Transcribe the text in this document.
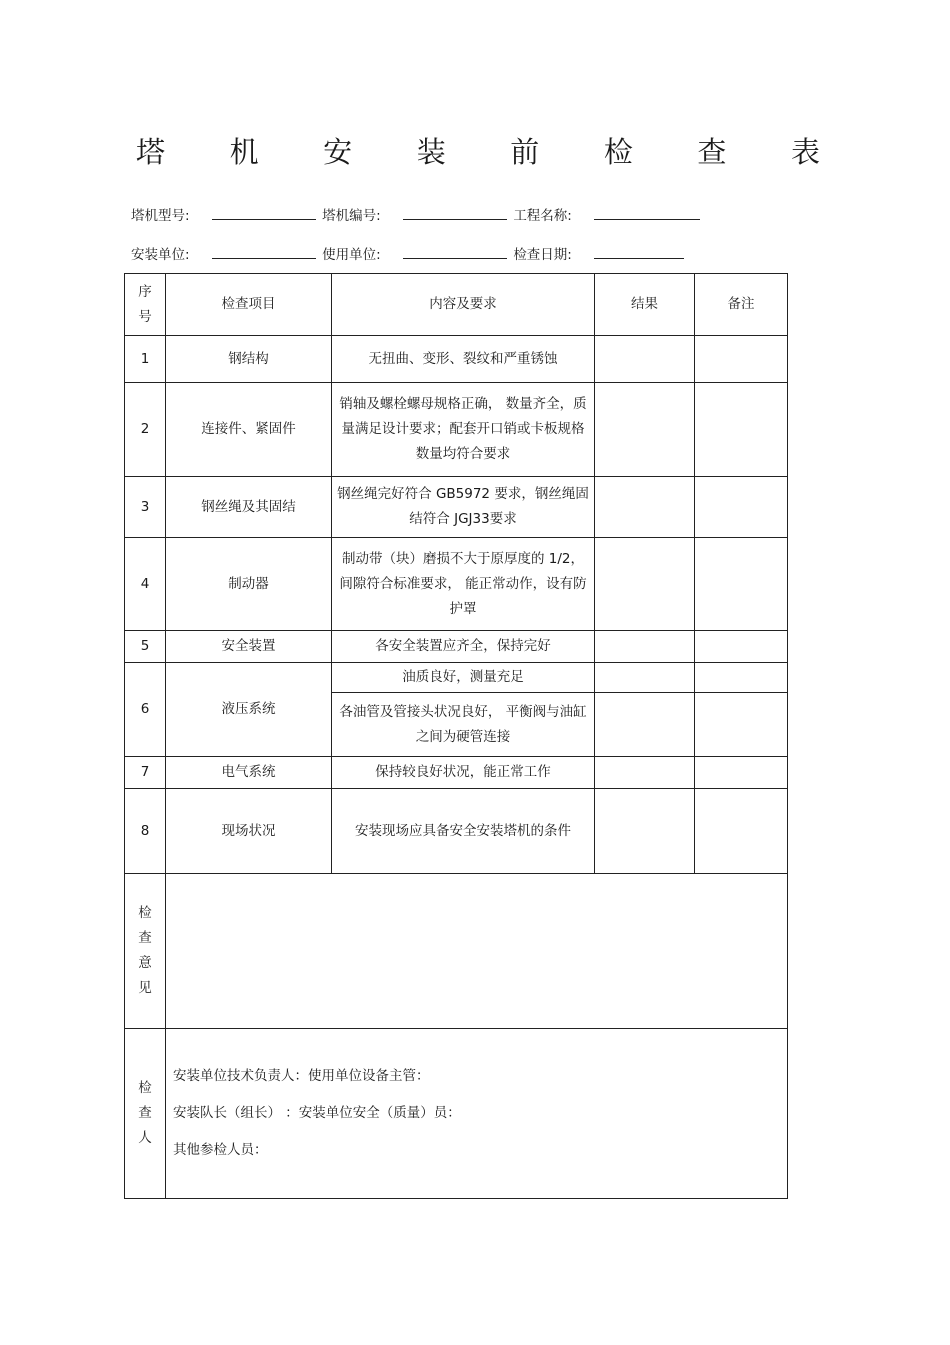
塔 机 安 装 前 检 查 表
塔机型号:	塔机编号:	工程名称:
安装单位:	使用单位:	检查日期:
序号	检查项目	内容及要求	结果	备注
1	钢结构	无扭曲、变形、裂纹和严重锈蚀		
2	连接件、紧固件	销轴及螺栓螺母规格正确， 数量齐全，质量满足设计要求；配套开口销或卡板规格数量均符合要求		
3	钢丝绳及其固结	钢丝绳完好符合 GB5972 要求，钢丝绳固结符合 JGJ33要求		
4	制动器	制动带（块）磨损不大于原厚度的 1/2，间隙符合标准要求， 能正常动作，设有防护罩		
5	安全装置	各安全装置应齐全，保持完好		
6	液压系统	油质良好，测量充足		
		各油管及管接头状况良好， 平衡阀与油缸之间为硬管连接		
7	电气系统	保持较良好状况，能正常工作		
8	现场状况	安装现场应具备安全安装塔机的条件		
检查意见				
检查人	安装单位技术负责人：使用单位设备主管：
安装队长（组长） ：安装单位安全（质量）员：
其他参检人员：			
